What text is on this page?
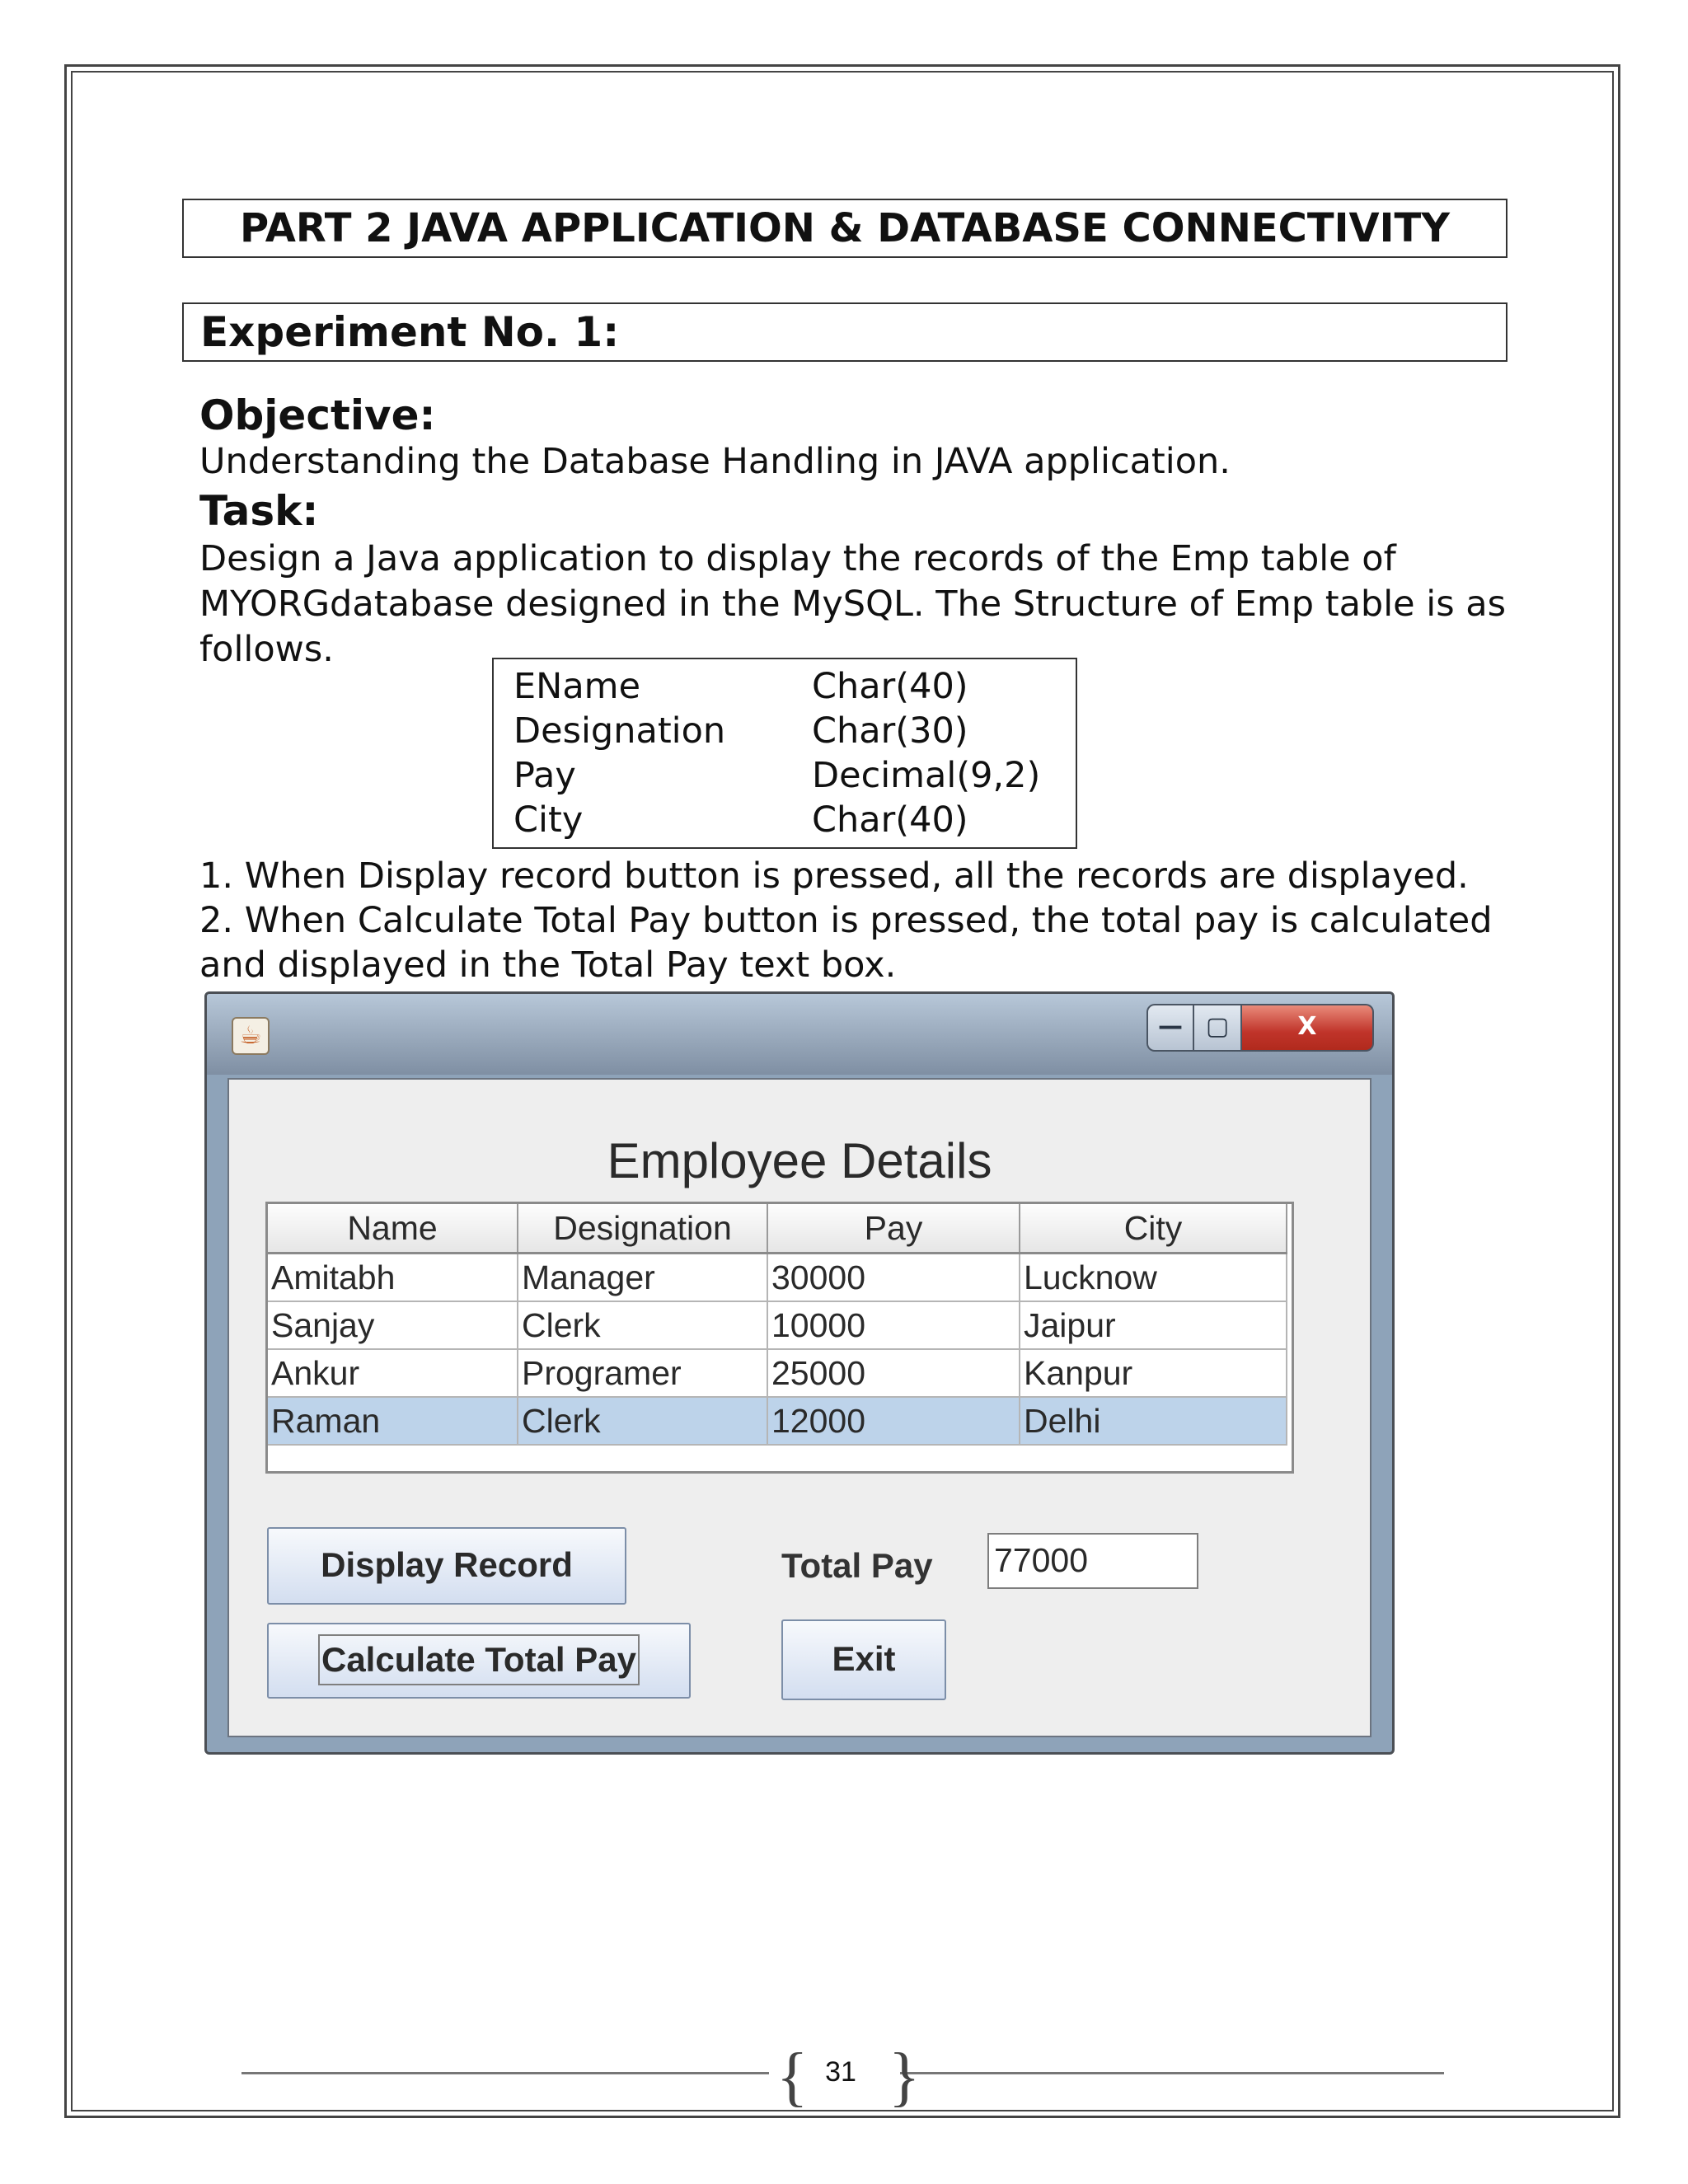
PART 2 JAVA APPLICATION & DATABASE CONNECTIVITY
Experiment No. 1:
Objective:
Understanding the Database Handling in JAVA application.
Task:
Design a Java application to display the records of the Emp table of
MYORGdatabase designed in the MySQL. The Structure of Emp table is as
follows.
EName	Char(40)
Designation Char(30)
Pay	Decimal(9,2)
City	Char(40)
1. When Display record button is pressed, all the records are displayed.
2. When Calculate Total Pay button is pressed, the total pay is calculated
and displayed in the Total Pay text box.
☕	— ▢	X
Employee Details
Name	Designation	Pay	City
Amitabh	Manager	30000	Lucknow
Sanjay	Clerk	10000	Jaipur
Ankur	Programer	25000	Kanpur
Raman	Clerk	12000	Delhi
Display Record
Calculate Total Pay
Total Pay 77000
Exit
{ }
31
